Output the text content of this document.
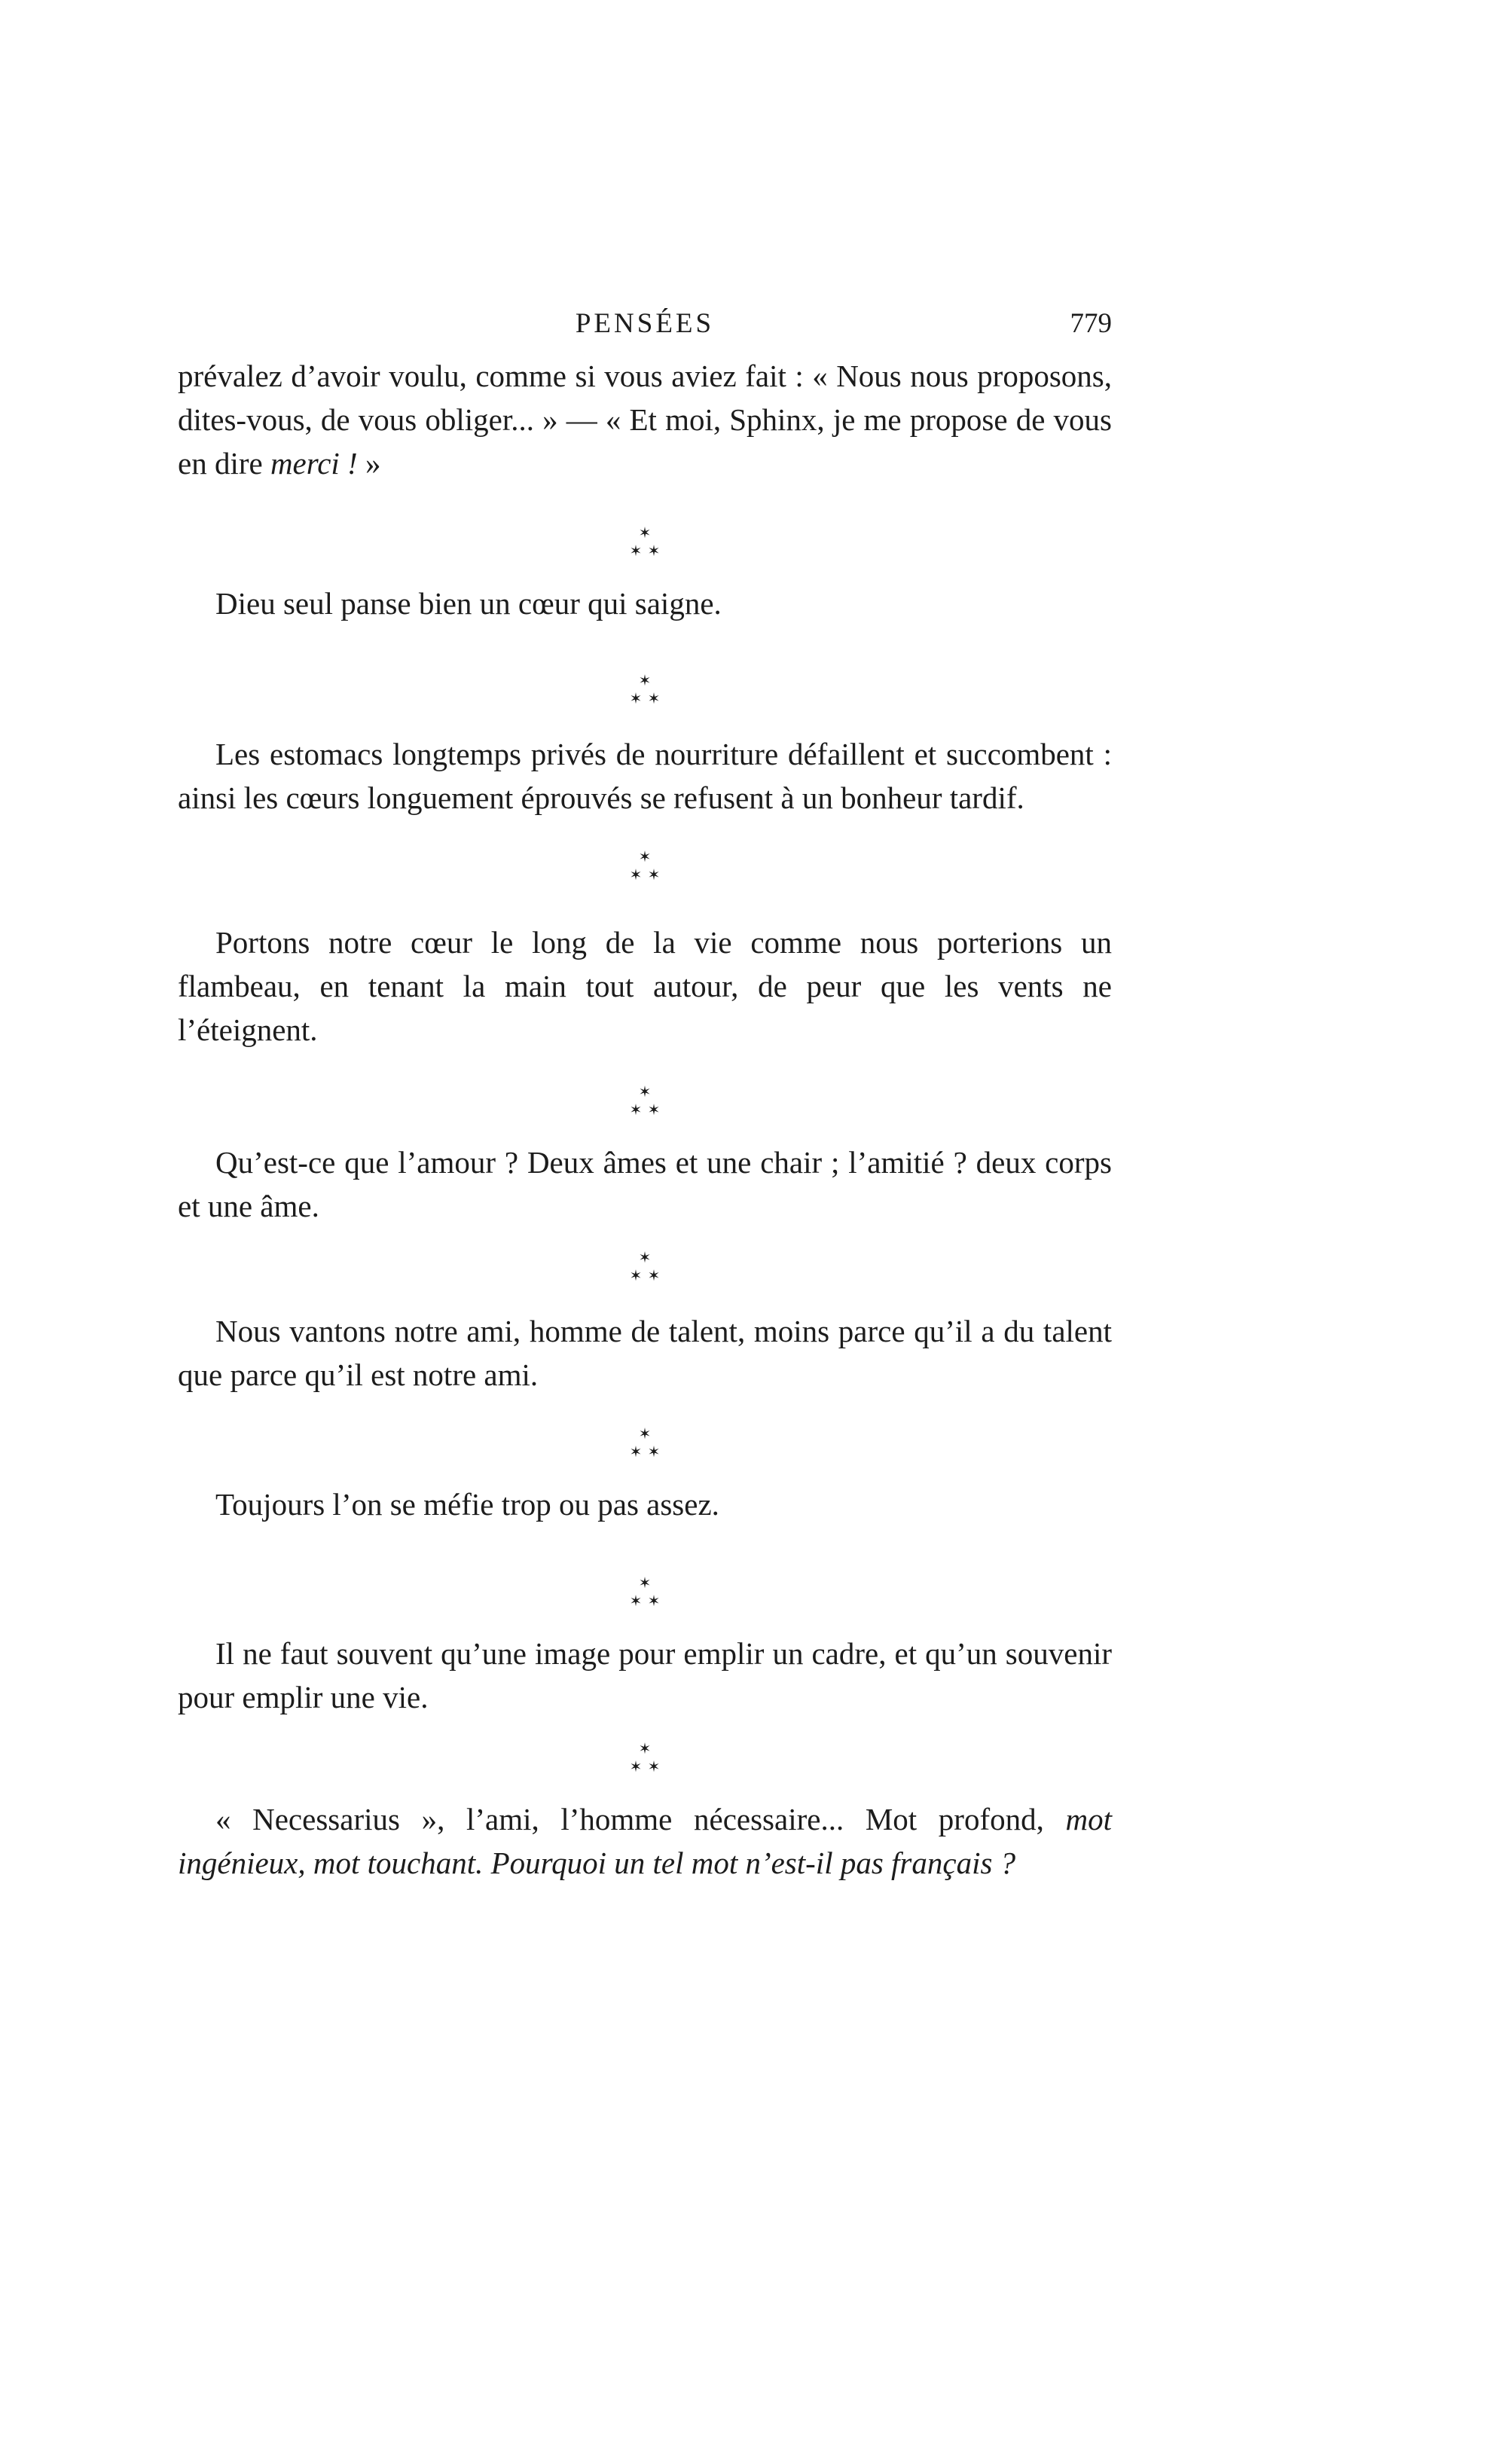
PENSÉES	779

prévalez d’avoir voulu, comme si vous aviez fait : « Nous nous proposons, dites-vous, de vous obliger... » — « Et moi, Sphinx, je me propose de vous en dire merci ! »

✶
✶ ✶

Dieu seul panse bien un cœur qui saigne.

✶
✶ ✶

Les estomacs longtemps privés de nourriture défaillent et succombent : ainsi les cœurs longuement éprouvés se refusent à un bonheur tardif.

✶
✶ ✶

Portons notre cœur le long de la vie comme nous porterions un flambeau, en tenant la main tout autour, de peur que les vents ne l’éteignent.

✶
✶ ✶

Qu’est-ce que l’amour ? Deux âmes et une chair ; l’amitié ? deux corps et une âme.

✶
✶ ✶

Nous vantons notre ami, homme de talent, moins parce qu’il a du talent que parce qu’il est notre ami.

✶
✶ ✶

Toujours l’on se méfie trop ou pas assez.

✶
✶ ✶

Il ne faut souvent qu’une image pour emplir un cadre, et qu’un souvenir pour emplir une vie.

✶
✶ ✶

« Necessarius », l’ami, l’homme nécessaire... Mot profond, mot ingénieux, mot touchant. Pourquoi un tel mot n’est-il pas français ?
